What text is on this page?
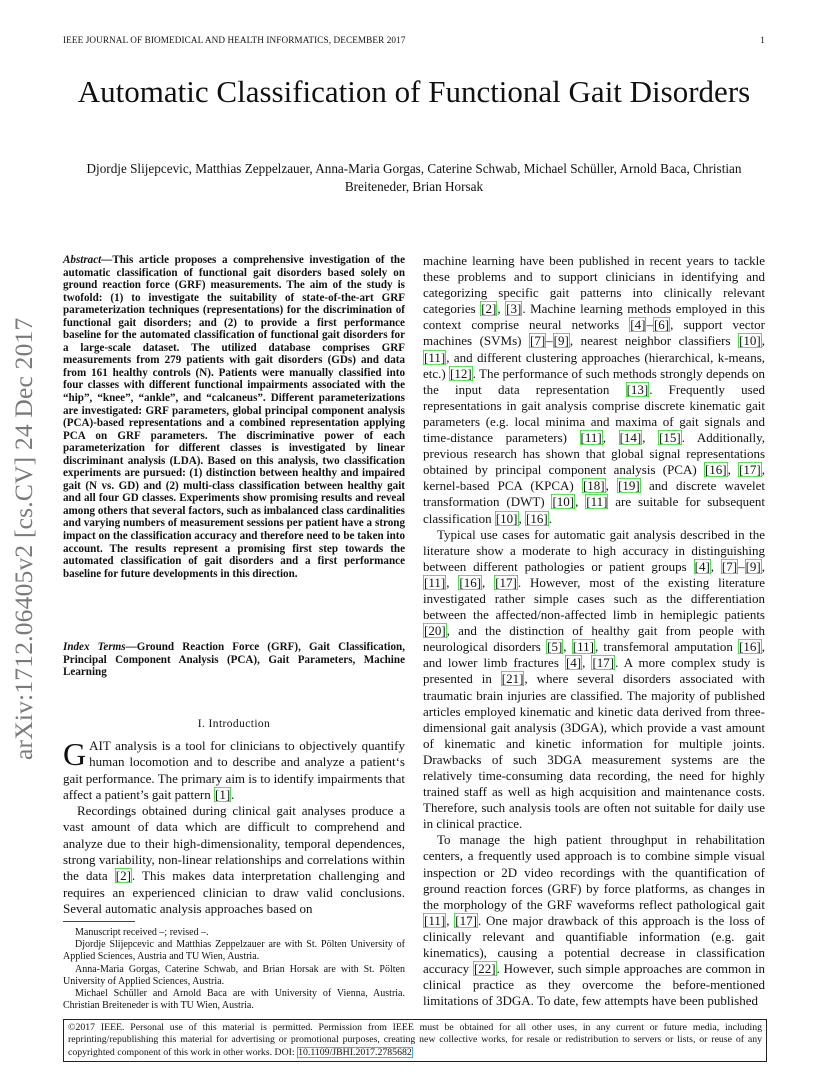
IEEE JOURNAL OF BIOMEDICAL AND HEALTH INFORMATICS, DECEMBER 2017	1
arXiv:1712.06405v2 [cs.CV] 24 Dec 2017
Automatic Classification of Functional Gait Disorders
Djordje Slijepcevic, Matthias Zeppelzauer, Anna-Maria Gorgas, Caterine Schwab, Michael Schüller, Arnold Baca, Christian Breiteneder, Brian Horsak

Abstract—This article proposes a comprehensive investigation of the automatic classification of functional gait disorders based solely on ground reaction force (GRF) measurements. The aim of the study is twofold: (1) to investigate the suitability of state-of-the-art GRF parameterization techniques (representations) for the discrimination of functional gait disorders; and (2) to provide a first performance baseline for the automated classification of functional gait disorders for a large-scale dataset. The utilized database comprises GRF measurements from 279 patients with gait disorders (GDs) and data from 161 healthy controls (N). Patients were manually classified into four classes with different functional impairments associated with the “hip”, “knee”, “ankle”, and “calcaneus”. Different parameterizations are investigated: GRF parameters, global principal component analysis (PCA)-based representations and a combined representation applying PCA on GRF parameters. The discriminative power of each parameterization for different classes is investigated by linear discriminant analysis (LDA). Based on this analysis, two classification experiments are pursued: (1) distinction between healthy and impaired gait (N vs. GD) and (2) multi-class classification between healthy gait and all four GD classes. Experiments show promising results and reveal among others that several factors, such as imbalanced class cardinalities and varying numbers of measurement sessions per patient have a strong impact on the classification accuracy and therefore need to be taken into account. The results represent a promising first step towards the automated classification of gait disorders and a first performance baseline for future developments in this direction.

Index Terms—Ground Reaction Force (GRF), Gait Classification, Principal Component Analysis (PCA), Gait Parameters, Machine Learning

I. Introduction

GAIT analysis is a tool for clinicians to objectively quantify human locomotion and to describe and analyze a patient‘s gait performance. The primary aim is to identify impairments that affect a patient’s gait pattern [1].

Recordings obtained during clinical gait analyses produce a vast amount of data which are difficult to comprehend and analyze due to their high-dimensionality, temporal dependences, strong variability, non-linear relationships and correlations within the data [2]. This makes data interpretation challenging and requires an experienced clinician to draw valid conclusions. Several automatic analysis approaches based on

Manuscript received –; revised –.

Djordje Slijepcevic and Matthias Zeppelzauer are with St. Pölten University of Applied Sciences, Austria and TU Wien, Austria.

Anna-Maria Gorgas, Caterine Schwab, and Brian Horsak are with St. Pölten University of Applied Sciences, Austria.

Michael Schüller and Arnold Baca are with University of Vienna, Austria. Christian Breiteneder is with TU Wien, Austria.

machine learning have been published in recent years to tackle these problems and to support clinicians in identifying and categorizing specific gait patterns into clinically relevant categories [2], [3]. Machine learning methods employed in this context comprise neural networks [4]–[6], support vector machines (SVMs) [7]–[9], nearest neighbor classifiers [10], [11], and different clustering approaches (hierarchical, k-means, etc.) [12]. The performance of such methods strongly depends on the input data representation [13]. Frequently used representations in gait analysis comprise discrete kinematic gait parameters (e.g. local minima and maxima of gait signals and time-distance parameters) [11], [14], [15]. Additionally, previous research has shown that global signal representations obtained by principal component analysis (PCA) [16], [17], kernel-based PCA (KPCA) [18], [19] and discrete wavelet transformation (DWT) [10], [11] are suitable for subsequent classification [10], [16].

Typical use cases for automatic gait analysis described in the literature show a moderate to high accuracy in distinguishing between different pathologies or patient groups [4], [7]–[9], [11], [16], [17]. However, most of the existing literature investigated rather simple cases such as the differentiation between the affected/non-affected limb in hemiplegic patients [20], and the distinction of healthy gait from people with neurological disorders [5], [11], transfemoral amputation [16], and lower limb fractures [4], [17]. A more complex study is presented in [21], where several disorders associated with traumatic brain injuries are classified. The majority of published articles employed kinematic and kinetic data derived from three-dimensional gait analysis (3DGA), which provide a vast amount of kinematic and kinetic information for multiple joints. Drawbacks of such 3DGA measurement systems are the relatively time-consuming data recording, the need for highly trained staff as well as high acquisition and maintenance costs. Therefore, such analysis tools are often not suitable for daily use in clinical practice.

To manage the high patient throughput in rehabilitation centers, a frequently used approach is to combine simple visual inspection or 2D video recordings with the quantification of ground reaction forces (GRF) by force platforms, as changes in the morphology of the GRF waveforms reflect pathological gait [11], [17]. One major drawback of this approach is the loss of clinically relevant and quantifiable information (e.g. gait kinematics), causing a potential decrease in classification accuracy [22]. However, such simple approaches are common in clinical practice as they overcome the before-mentioned limitations of 3DGA. To date, few attempts have been published

©2017 IEEE. Personal use of this material is permitted. Permission from IEEE must be obtained for all other uses, in any current or future media, including reprinting/republishing this material for advertising or promotional purposes, creating new collective works, for resale or redistribution to servers or lists, or reuse of any copyrighted component of this work in other works. DOI: 10.1109/JBHI.2017.2785682
